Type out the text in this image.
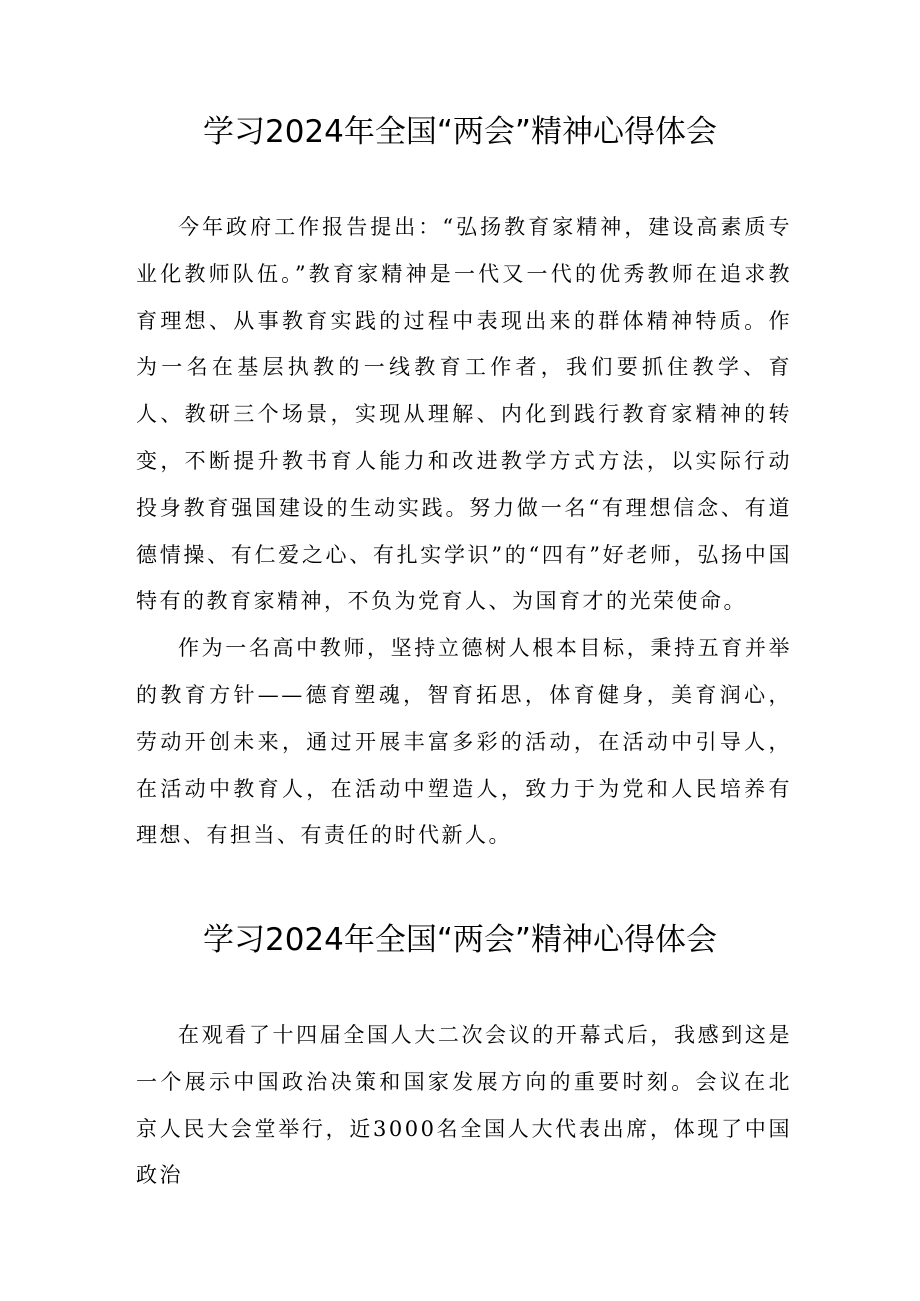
学习2024年全国“两会”精神心得体会

今年政府工作报告提出：“弘扬教育家精神，建设高素质专业化教师队伍。”教育家精神是一代又一代的优秀教师在追求教育理想、从事教育实践的过程中表现出来的群体精神特质。作为一名在基层执教的一线教育工作者，我们要抓住教学、育人、教研三个场景，实现从理解、内化到践行教育家精神的转变，不断提升教书育人能力和改进教学方式方法，以实际行动投身教育强国建设的生动实践。努力做一名“有理想信念、有道德情操、有仁爱之心、有扎实学识”的“四有”好老师，弘扬中国特有的教育家精神，不负为党育人、为国育才的光荣使命。

作为一名高中教师，坚持立德树人根本目标，秉持五育并举的教育方针——德育塑魂，智育拓思，体育健身，美育润心，劳动开创未来，通过开展丰富多彩的活动，在活动中引导人，在活动中教育人，在活动中塑造人，致力于为党和人民培养有理想、有担当、有责任的时代新人。

学习2024年全国“两会”精神心得体会

在观看了十四届全国人大二次会议的开幕式后，我感到这是一个展示中国政治决策和国家发展方向的重要时刻。会议在北京人民大会堂举行，近3000名全国人大代表出席，体现了中国政治
